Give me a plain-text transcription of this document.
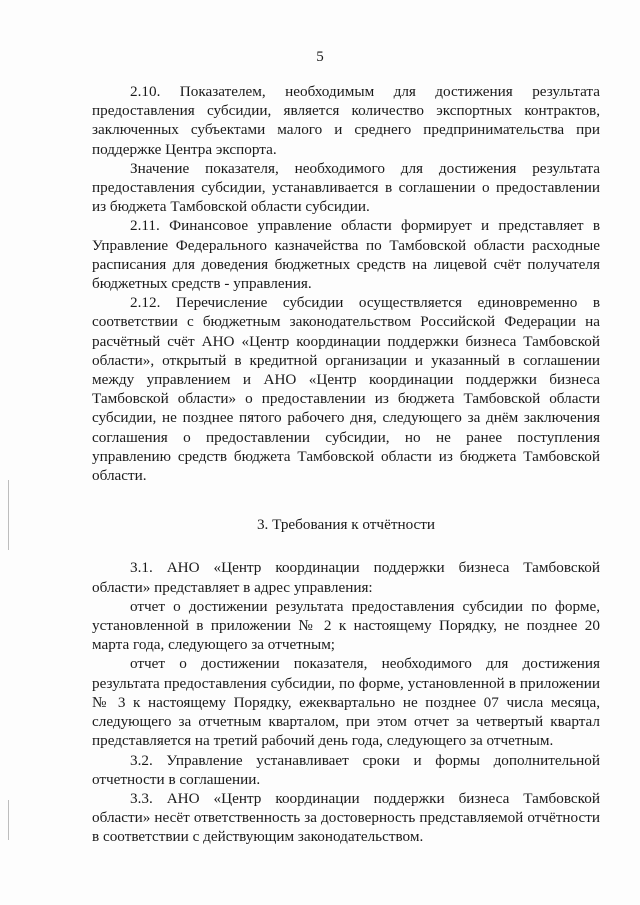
5

2.10. Показателем, необходимым для достижения результата предоставления субсидии, является количество экспортных контрактов, заключенных субъектами малого и среднего предпринимательства при поддержке Центра экспорта.

Значение показателя, необходимого для достижения результата предоставления субсидии, устанавливается в соглашении о предоставлении из бюджета Тамбовской области субсидии.

2.11. Финансовое управление области формирует и представляет в Управление Федерального казначейства по Тамбовской области расходные расписания для доведения бюджетных средств на лицевой счёт получателя бюджетных средств - управления.

2.12. Перечисление субсидии осуществляется единовременно в соответствии с бюджетным законодательством Российской Федерации на расчётный счёт АНО «Центр координации поддержки бизнеса Тамбовской области», открытый в кредитной организации и указанный в соглашении между управлением и АНО «Центр координации поддержки бизнеса Тамбовской области» о предоставлении из бюджета Тамбовской области субсидии, не позднее пятого рабочего дня, следующего за днём заключения соглашения о предоставлении субсидии, но не ранее поступления управлению средств бюджета Тамбовской области из бюджета Тамбовской области.

3. Требования к отчётности

3.1. АНО «Центр координации поддержки бизнеса Тамбовской области» представляет в адрес управления:

отчет о достижении результата предоставления субсидии по форме, установленной в приложении № 2 к настоящему Порядку, не позднее 20 марта года, следующего за отчетным;

отчет о достижении показателя, необходимого для достижения результата предоставления субсидии, по форме, установленной в приложении № 3 к настоящему Порядку, ежеквартально не позднее 07 числа месяца, следующего за отчетным кварталом, при этом отчет за четвертый квартал представляется на третий рабочий день года, следующего за отчетным.

3.2. Управление устанавливает сроки и формы дополнительной отчетности в соглашении.

3.3. АНО «Центр координации поддержки бизнеса Тамбовской области» несёт ответственность за достоверность представляемой отчётности в соответствии с действующим законодательством.
